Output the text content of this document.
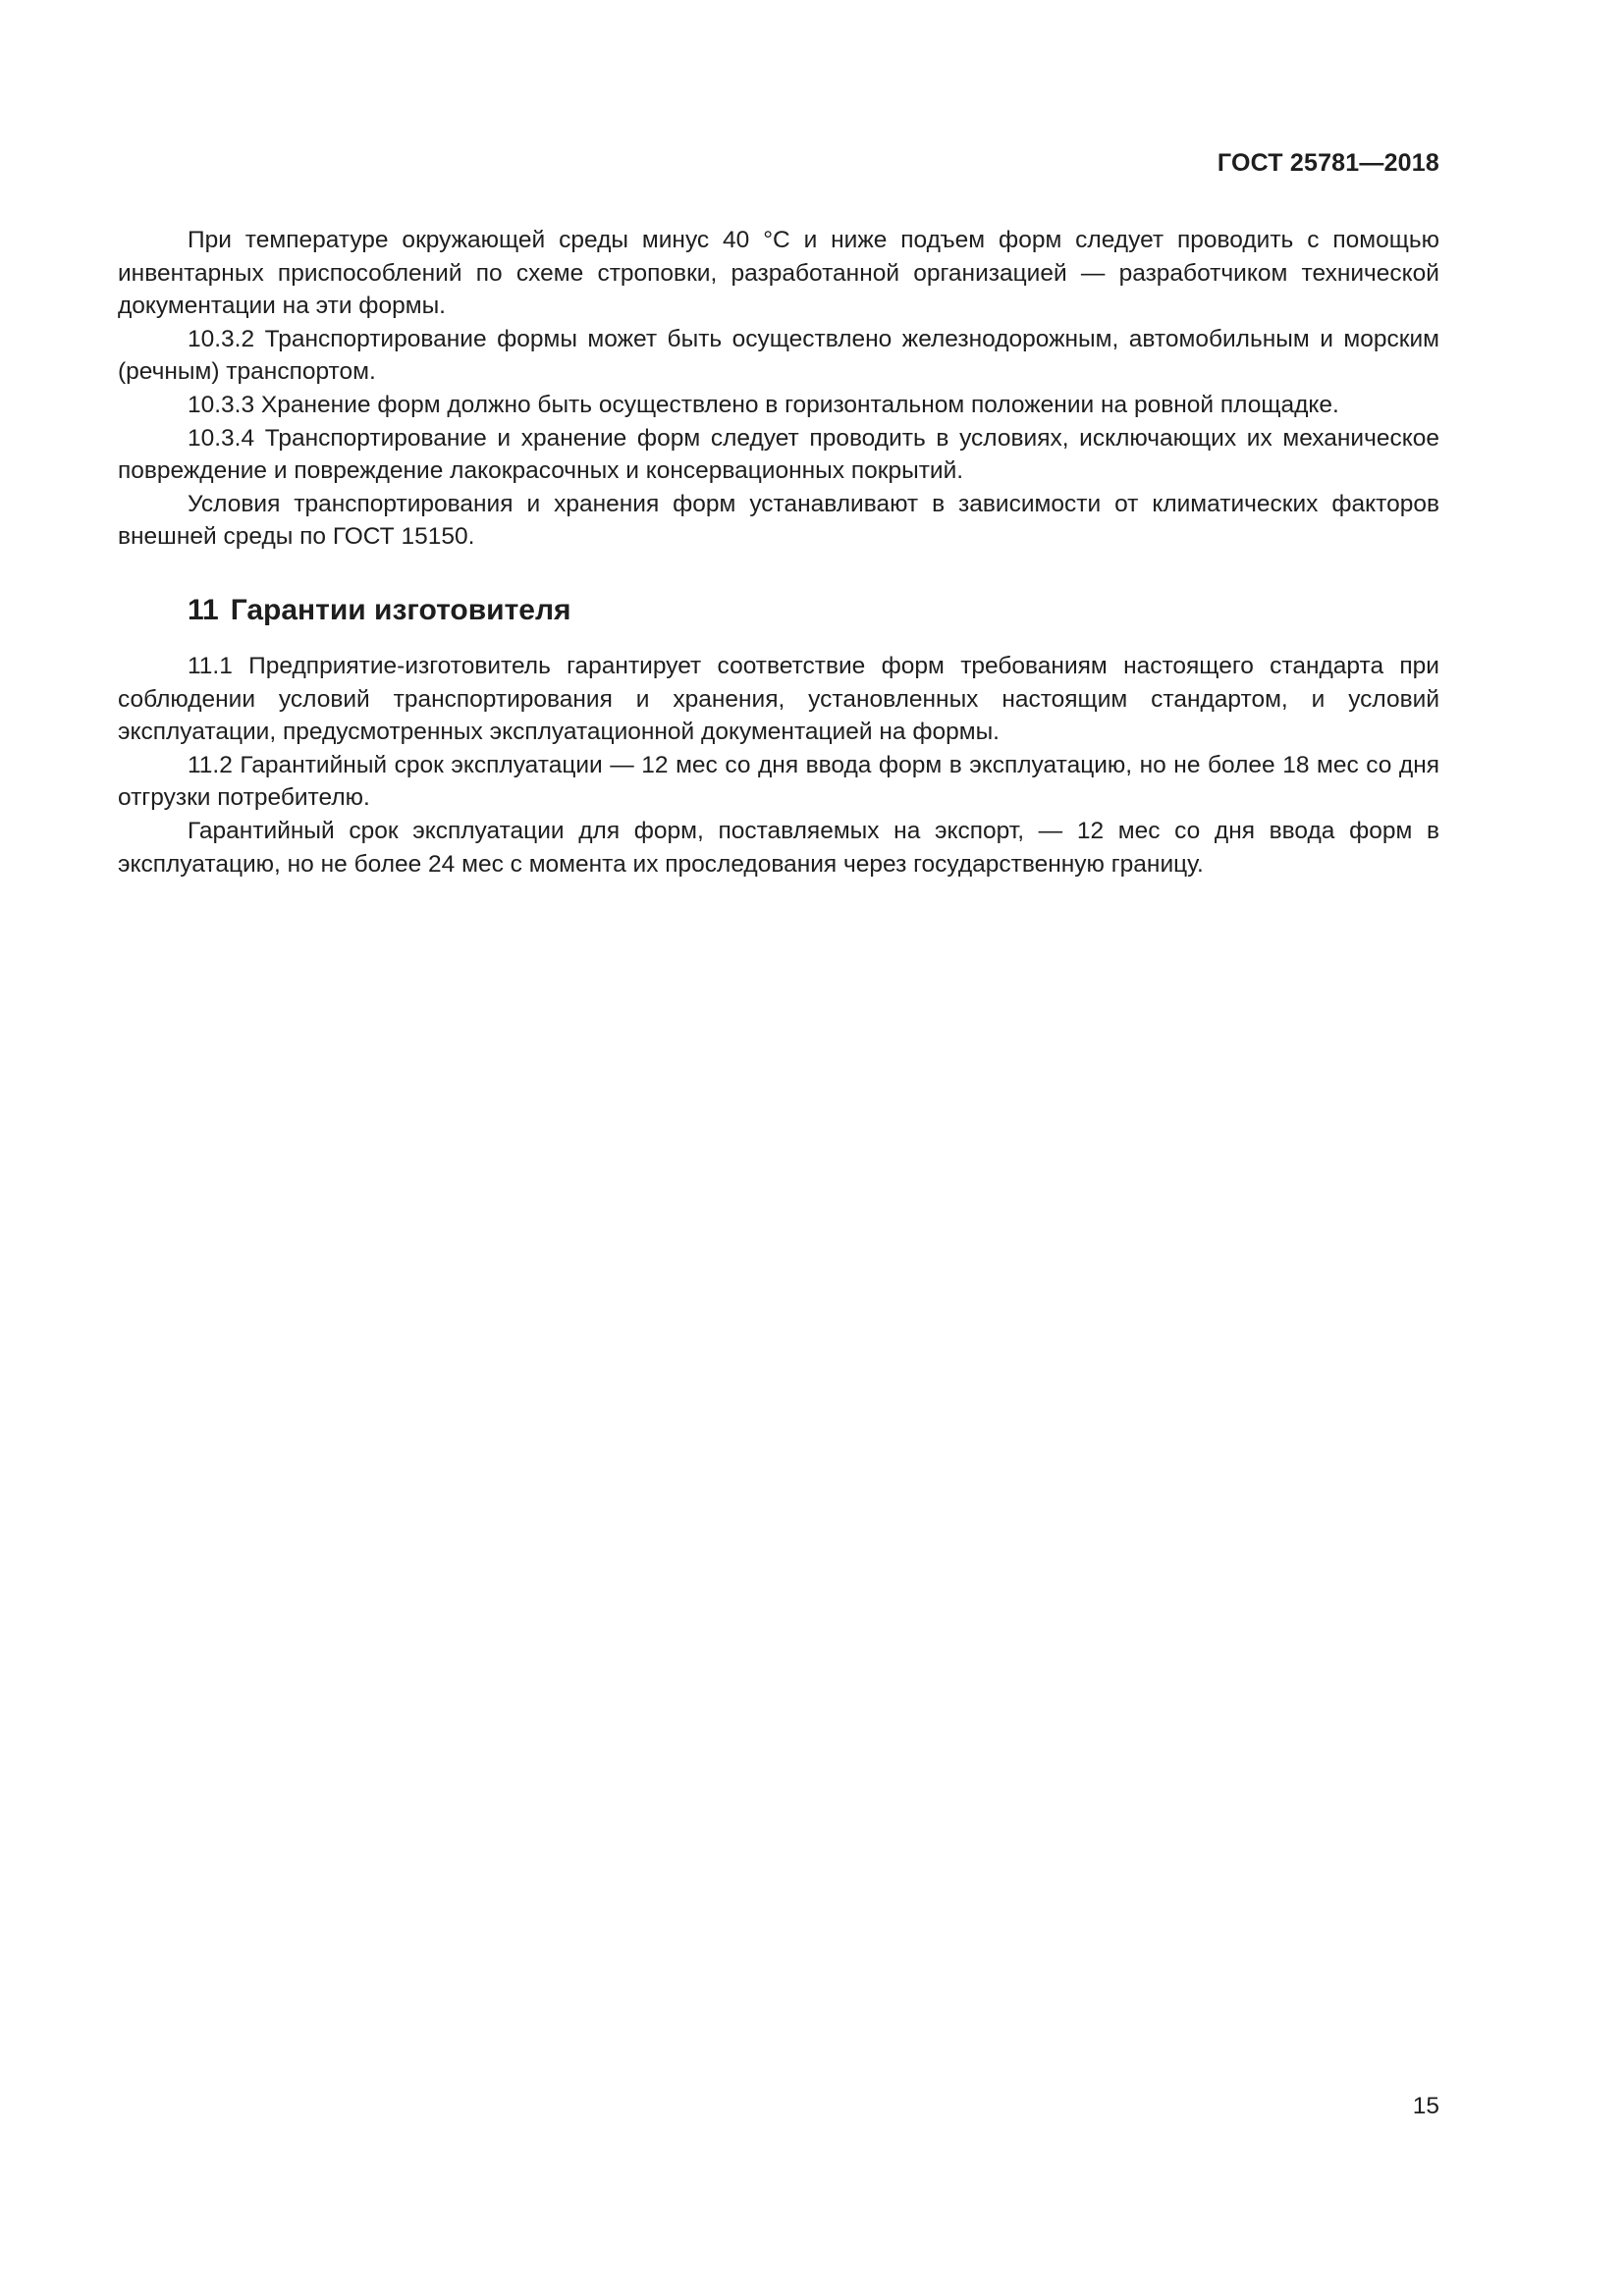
ГОСТ 25781—2018

При температуре окружающей среды минус 40 °С и ниже подъем форм следует проводить с помощью инвентарных приспособлений по схеме строповки, разработанной организацией — разработчиком технической документации на эти формы.

10.3.2 Транспортирование формы может быть осуществлено железнодорожным, автомобильным и морским (речным) транспортом.

10.3.3 Хранение форм должно быть осуществлено в горизонтальном положении на ровной площадке.

10.3.4 Транспортирование и хранение форм следует проводить в условиях, исключающих их механическое повреждение и повреждение лакокрасочных и консервационных покрытий.

Условия транспортирования и хранения форм устанавливают в зависимости от климатических факторов внешней среды по ГОСТ 15150.

11 Гарантии изготовителя

11.1 Предприятие-изготовитель гарантирует соответствие форм требованиям настоящего стандарта при соблюдении условий транспортирования и хранения, установленных настоящим стандартом, и условий эксплуатации, предусмотренных эксплуатационной документацией на формы.

11.2 Гарантийный срок эксплуатации — 12 мес со дня ввода форм в эксплуатацию, но не более 18 мес со дня отгрузки потребителю.

Гарантийный срок эксплуатации для форм, поставляемых на экспорт, — 12 мес со дня ввода форм в эксплуатацию, но не более 24 мес с момента их проследования через государственную границу.

15
